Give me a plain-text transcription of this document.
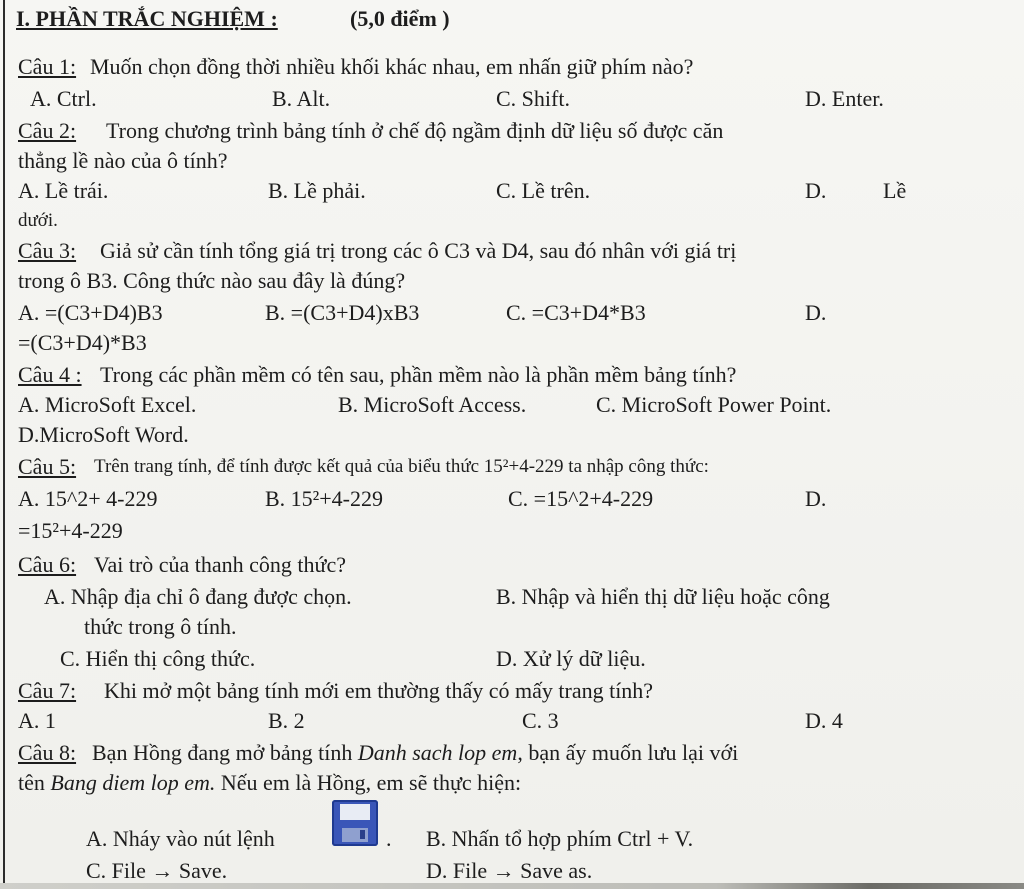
I. PHẦN TRẮC NGHIỆM :	(5,0 điểm )
Câu 1: Muốn chọn đồng thời nhiều khối khác nhau, em nhấn giữ phím nào?
A. Ctrl.	B. Alt.	C. Shift.	D. Enter.
Câu 2: Trong chương trình bảng tính ở chế độ ngầm định dữ liệu số được căn
thẳng lề nào của ô tính?
A. Lề trái.	B. Lề phải.	C. Lề trên.	D.	Lề
dưới.
Câu 3: Giả sử cần tính tổng giá trị trong các ô C3 và D4, sau đó nhân với giá trị
trong ô B3. Công thức nào sau đây là đúng?
A. =(C3+D4)B3	B. =(C3+D4)xB3	C. =C3+D4*B3	D.
=(C3+D4)*B3
Câu 4 : Trong các phần mềm có tên sau, phần mềm nào là phần mềm bảng tính?
A. MicroSoft Excel.	B. MicroSoft Access.	C. MicroSoft Power Point.
D.MicroSoft Word.
Câu 5: Trên trang tính, để tính được kết quả của biểu thức 15²+4-229 ta nhập công thức:
A. 15^2+ 4-229	B. 15²+4-229	C. =15^2+4-229	D.
=15²+4-229
Câu 6: Vai trò của thanh công thức?
A. Nhập địa chỉ ô đang được chọn.	B. Nhập và hiển thị dữ liệu hoặc công
thức trong ô tính.
C. Hiển thị công thức.	D. Xử lý dữ liệu.
Câu 7: Khi mở một bảng tính mới em thường thấy có mấy trang tính?
A. 1	B. 2	C. 3	D. 4
Câu 8: Bạn Hồng đang mở bảng tính Danh sach lop em, bạn ấy muốn lưu lại với
tên Bang diem lop em. Nếu em là Hồng, em sẽ thực hiện:
A. Nháy vào nút lệnh	. B. Nhấn tổ hợp phím Ctrl + V.
C. File → Save.	D. File → Save as.
